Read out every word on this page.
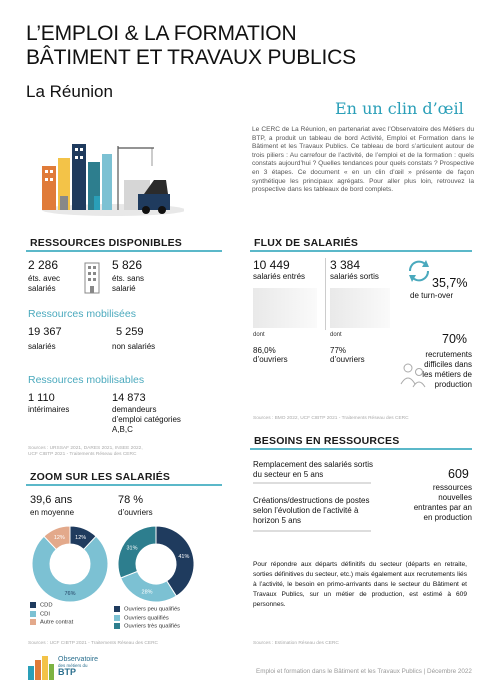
L’EMPLOI & LA FORMATION
BÂTIMENT ET TRAVAUX PUBLICS
La Réunion
En un clin d’œil
Le CERC de La Réunion, en partenariat avec l’Observatoire des Métiers du BTP, a produit un tableau de bord Activité, Emploi et Formation dans le Bâtiment et les Travaux Publics. Ce tableau de bord s’articulent autour de trois piliers : Au carrefour de l’activité, de l’emploi et de la formation : quels constats aujourd’hui ? Quelles tendances pour quels constats ? Prospective en 3 étapes. Ce document « en un clin d’œil » présente de façon synthétique les principaux agrégats. Pour aller plus loin, retrouvez la prospective dans les tableaux de bord complets.
RESSOURCES DISPONIBLES
2 286
éts. avec salariés
5 826
éts. sans salarié
Ressources mobilisées
19 367
salariés
5 259
non salariés
Ressources mobilisables
1 110
intérimaires
14 873
demandeurs d’emploi catégories A,B,C
Sources : URSSAF 2021, DARES 2021, INSEE 2022, UCF CIBTP 2021 - Traitements Réseau des CERC
ZOOM SUR LES SALARIÉS
39,6 ans
en moyenne
78 %
d’ouvriers
12%
76%
12%
41%
28%
31%
CDD
CDI
Autre contrat
Ouvriers peu qualifiés
Ouvriers qualifiés
Ouvriers très qualifiés
Sources : UCF CIBTP 2021 - Traitements Réseau des CERC
FLUX DE SALARIÉS
10 449
salariés entrés
3 384
salariés sortis	35,7%
de turn-over
dont
86,0%
d’ouvriers
dont
77%
d’ouvriers
70%
recrutements difficiles dans les métiers de production
Sources : BMO 2022, UCF CIBTP 2021 - Traitements Réseau des CERC
BESOINS EN RESSOURCES
Remplacement des salariés sortis du secteur en 5 ans
Créations/destructions de postes selon l’évolution de l’activité à horizon 5 ans
609
ressources nouvelles entrantes par an en production
Pour répondre aux départs définitifs du secteur (départs en retraite, sorties définitives du secteur, etc.) mais également aux recrutements liés à l’activité, le besoin en primo-arrivants dans le secteur du Bâtiment et Travaux Publics, sur un métier de production, est estimé à 609 personnes.
Sources : Estimation Réseau des CERC
Observatoire
des métiers du
BTP	Emploi et formation dans le Bâtiment et les Travaux Publics | Décembre 2022
